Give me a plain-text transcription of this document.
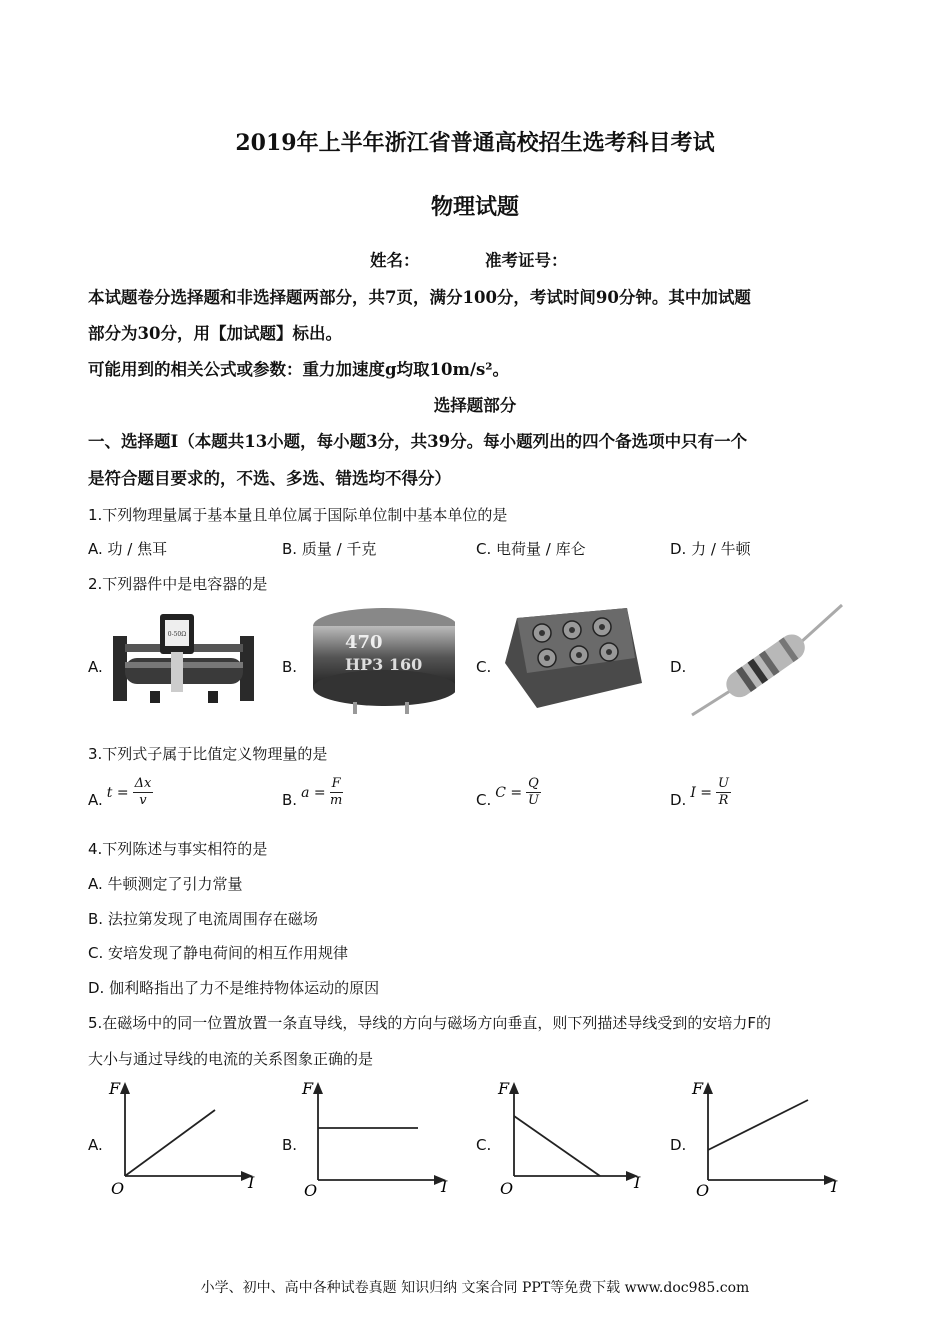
2019年上半年浙江省普通高校招生选考科目考试
物理试题
姓名：	准考证号：
本试题卷分选择题和非选择题两部分，共7页，满分100分，考试时间90分钟。其中加试题
部分为30分，用【加试题】标出。
可能用到的相关公式或参数：重力加速度g均取10m/s²。
选择题部分
一、选择题I（本题共13小题，每小题3分，共39分。每小题列出的四个备选项中只有一个
是符合题目要求的，不选、多选、错选均不得分）
1.下列物理量属于基本量且单位属于国际单位制中基本单位的是
A. 功 / 焦耳	B. 质量 / 千克	C. 电荷量 / 库仑	D. 力 / 牛顿
2.下列器件中是电容器的是
A.	B.	C.	D.
0-50Ω	470
HP3 160
3.下列式子属于比值定义物理量的是
A. $t = \frac{\Delta x}{v}$	B. $a = \frac{F}{m}$	C. $C = \frac{Q}{U}$	D. $I = \frac{U}{R}$
4.下列陈述与事实相符的是
A. 牛顿测定了引力常量
B. 法拉第发现了电流周围存在磁场
C. 安培发现了静电荷间的相互作用规律
D. 伽利略指出了力不是维持物体运动的原因
5.在磁场中的同一位置放置一条直导线，导线的方向与磁场方向垂直，则下列描述导线受到的安培力F的
大小与通过导线的电流的关系图象正确的是
A.	B.	C.	D.
F
I
O
F
I
O
F
I
O
F
I
O
小学、初中、高中各种试卷真题 知识归纳 文案合同 PPT等免费下载 www.doc985.com
